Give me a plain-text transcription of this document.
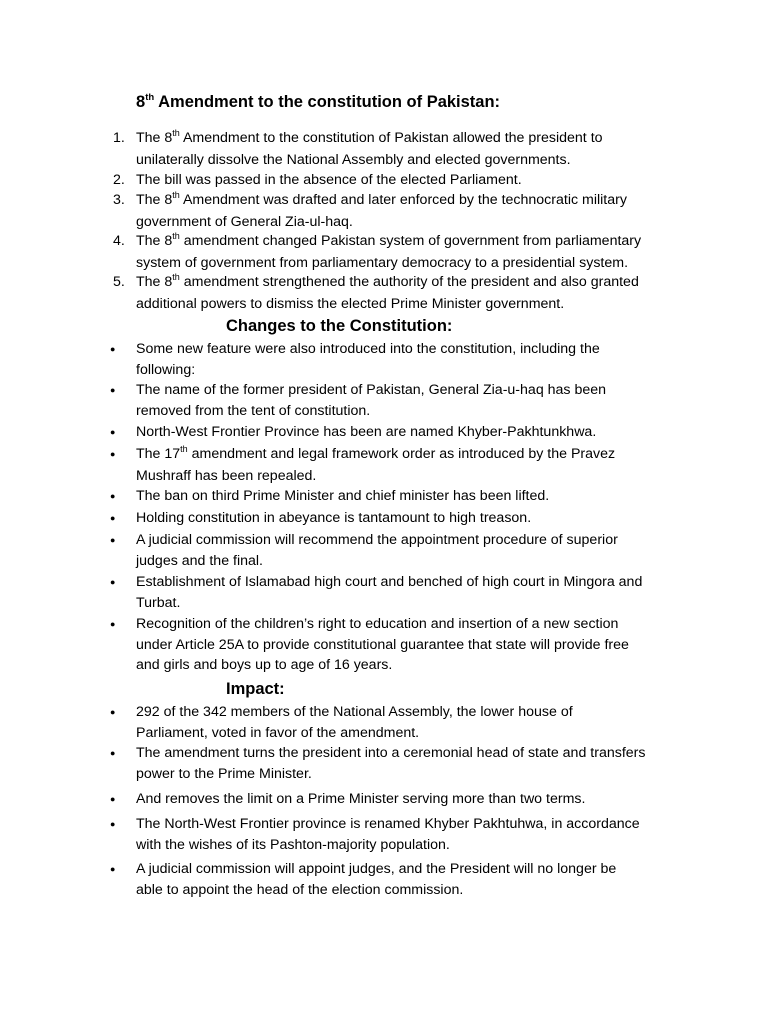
8th Amendment to the constitution of Pakistan:
1. The 8th Amendment to the constitution of Pakistan allowed the president to
unilaterally dissolve the National Assembly and elected governments.
2. The bill was passed in the absence of the elected Parliament.
3. The 8th Amendment was drafted and later enforced by the technocratic military
government of General Zia-ul-haq.
4. The 8th amendment changed Pakistan system of government from parliamentary
system of government from parliamentary democracy to a presidential system.
5. The 8th amendment strengthened the authority of the president and also granted
additional powers to dismiss the elected Prime Minister government.
Changes to the Constitution:
● Some new feature were also introduced into the constitution, including the
following:
● The name of the former president of Pakistan, General Zia-u-haq has been
removed from the tent of constitution.
● North-West Frontier Province has been are named Khyber-Pakhtunkhwa.
● The 17th amendment and legal framework order as introduced by the Pravez
Mushraff has been repealed.
● The ban on third Prime Minister and chief minister has been lifted.
● Holding constitution in abeyance is tantamount to high treason.
● A judicial commission will recommend the appointment procedure of superior
judges and the final.
● Establishment of Islamabad high court and benched of high court in Mingora and
Turbat.
● Recognition of the children’s right to education and insertion of a new section
under Article 25A to provide constitutional guarantee that state will provide free
and girls and boys up to age of 16 years.
Impact:
● 292 of the 342 members of the National Assembly, the lower house of
Parliament, voted in favor of the amendment.
● The amendment turns the president into a ceremonial head of state and transfers
power to the Prime Minister.
● And removes the limit on a Prime Minister serving more than two terms.
● The North-West Frontier province is renamed Khyber Pakhtuhwa, in accordance
with the wishes of its Pashton-majority population.
● A judicial commission will appoint judges, and the President will no longer be
able to appoint the head of the election commission.
